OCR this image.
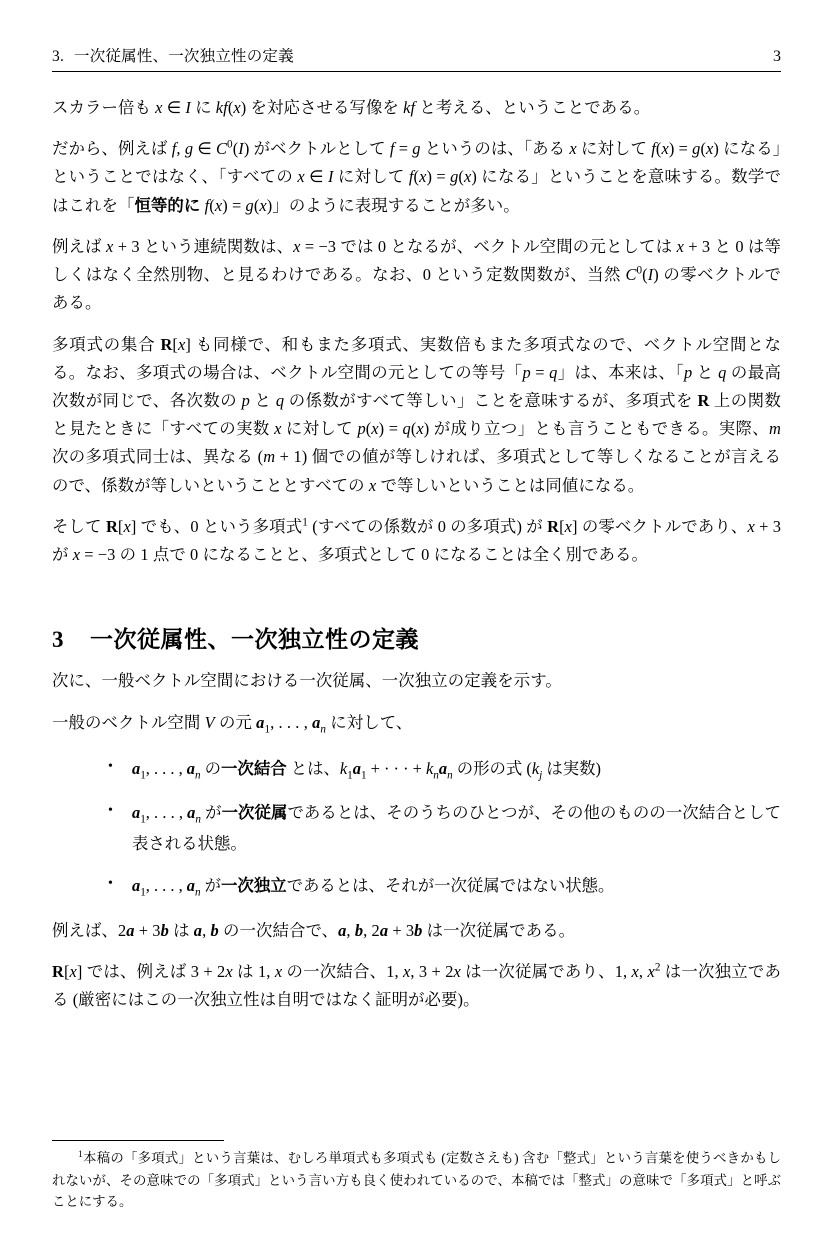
3. 一次従属性、一次独立性の定義	3

スカラー倍も x ∈ I に kf(x) を対応させる写像を kf と考える、ということである。

だから、例えば f, g ∈ $C^0(I)$ がベクトルとして f = g というのは、「ある x に対して f(x) = g(x) になる」ということではなく、「すべての x ∈ I に対して f(x) = g(x) になる」ということを意味する。数学ではこれを「恒等的に f(x) = g(x)」のように表現することが多い。

例えば x + 3 という連続関数は、x = −3 では 0 となるが、ベクトル空間の元としては x + 3 と 0 は等しくはなく全然別物、と見るわけである。なお、0 という定数関数が、当然 $C^0(I)$ の零ベクトルである。

多項式の集合 R[x] も同様で、和もまた多項式、実数倍もまた多項式なので、ベクトル空間となる。なお、多項式の場合は、ベクトル空間の元としての等号「p = q」は、本来は、「p と q の最高次数が同じで、各次数の p と q の係数がすべて等しい」ことを意味するが、多項式を R 上の関数と見たときに「すべての実数 x に対して p(x) = q(x) が成り立つ」とも言うこともできる。実際、m 次の多項式同士は、異なる (m + 1) 個での値が等しければ、多項式として等しくなることが言えるので、係数が等しいということとすべての x で等しいということは同値になる。

そして R[x] でも、0 という多項式$^1$ (すべての係数が 0 の多項式) が R[x] の零ベクトルであり、x + 3 が x = −3 の 1 点で 0 になることと、多項式として 0 になることは全く別である。

3 一次従属性、一次独立性の定義

次に、一般ベクトル空間における一次従属、一次独立の定義を示す。

一般のベクトル空間 V の元 $a_1$, . . . , $a_n$ に対して、

• $a_1$, . . . , $a_n$ の一次結合 とは、$k_1a_1$ + · · · + $k_na_n$ の形の式 ($k_j$ は実数)
• $a_1$, . . . , $a_n$ が一次従属であるとは、そのうちのひとつが、その他のものの一次結合として表される状態。
• $a_1$, . . . , $a_n$ が一次独立であるとは、それが一次従属ではない状態。

例えば、2a + 3b は a, b の一次結合で、a, b, 2a + 3b は一次従属である。

R[x] では、例えば 3 + 2x は 1, x の一次結合、1, x, 3 + 2x は一次従属であり、1, x, $x^2$ は一次独立である (厳密にはこの一次独立性は自明ではなく証明が必要)。

$^1$本稿の「多項式」という言葉は、むしろ単項式も多項式も (定数さえも) 含む「整式」という言葉を使うべきかもしれないが、その意味での「多項式」という言い方も良く使われているので、本稿では「整式」の意味で「多項式」と呼ぶことにする。
